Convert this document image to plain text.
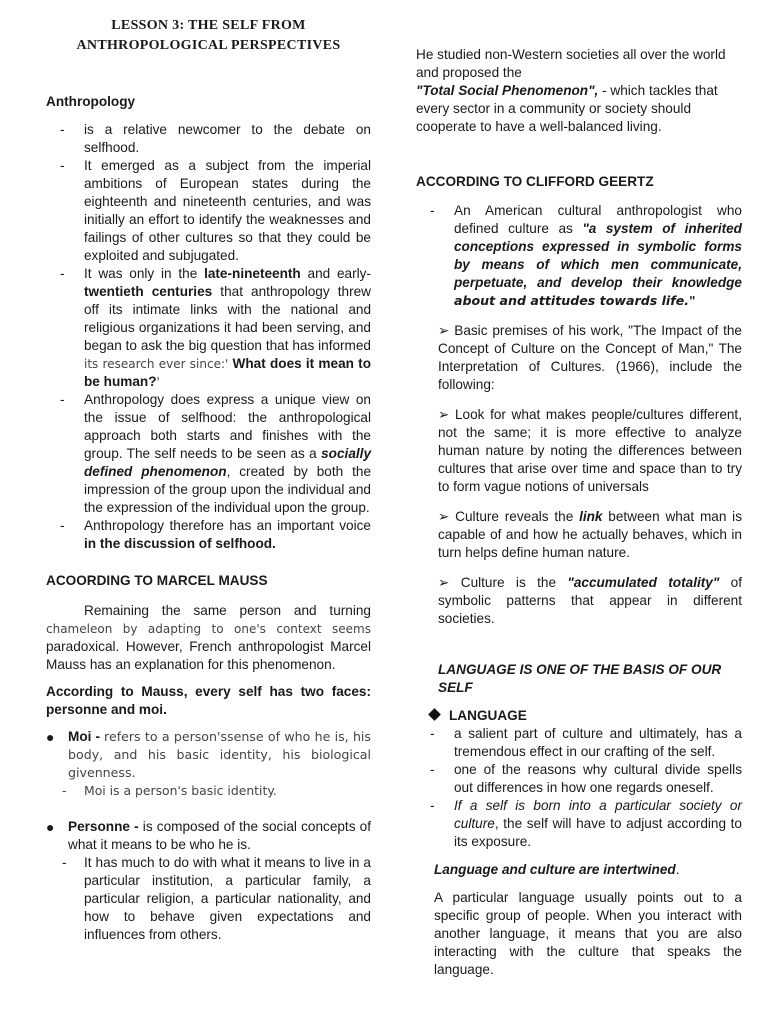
LESSON 3: THE SELF FROM
ANTHROPOLOGICAL PERSPECTIVES
Anthropology
- is a relative newcomer to the debate on selfhood.
- It emerged as a subject from the imperial ambitions of European states during the eighteenth and nineteenth centuries, and was initially an effort to identify the weaknesses and failings of other cultures so that they could be exploited and subjugated.
- It was only in the late-nineteenth and early-twentieth centuries that anthropology threw off its intimate links with the national and religious organizations it had been serving, and began to ask the big question that has informed its research ever since:' What does it mean to be human?'
- Anthropology does express a unique view on the issue of selfhood: the anthropological approach both starts and finishes with the group. The self needs to be seen as a socially defined phenomenon, created by both the impression of the group upon the individual and the expression of the individual upon the group.
- Anthropology therefore has an important voice in the discussion of selfhood.
ACOORDING TO MARCEL MAUSS
Remaining the same person and turning chameleon by adapting to one's context seems paradoxical. However, French anthropologist Marcel Mauss has an explanation for this phenomenon.
According to Mauss, every self has two faces: personne and moi.
● Moi - refers to a person'ssense of who he is, his body, and his basic identity, his biological givenness.
- Moi is a person's basic identity.
● Personne - is composed of the social concepts of what it means to be who he is.
- It has much to do with what it means to live in a particular institution, a particular family, a particular religion, a particular nationality, and how to behave given expectations and influences from others.
He studied non-Western societies all over the world and proposed the
"Total Social Phenomenon", - which tackles that every sector in a community or society should cooperate to have a well-balanced living.
ACCORDING TO CLIFFORD GEERTZ
- An American cultural anthropologist who defined culture as "a system of inherited conceptions expressed in symbolic forms by means of which men communicate, perpetuate, and develop their knowledge about and attitudes towards life."
➢ Basic premises of his work, "The Impact of the Concept of Culture on the Concept of Man," The Interpretation of Cultures. (1966), include the following:
➢ Look for what makes people/cultures different, not the same; it is more effective to analyze human nature by noting the differences between cultures that arise over time and space than to try to form vague notions of universals
➢ Culture reveals the link between what man is capable of and how he actually behaves, which in turn helps define human nature.
➢ Culture is the "accumulated totality" of symbolic patterns that appear in different societies.
LANGUAGE IS ONE OF THE BASIS OF OUR SELF
LANGUAGE
- a salient part of culture and ultimately, has a tremendous effect in our crafting of the self.
- one of the reasons why cultural divide spells out differences in how one regards oneself.
- If a self is born into a particular society or culture, the self will have to adjust according to its exposure.
Language and culture are intertwined.
A particular language usually points out to a specific group of people. When you interact with another language, it means that you are also interacting with the culture that speaks the language.
